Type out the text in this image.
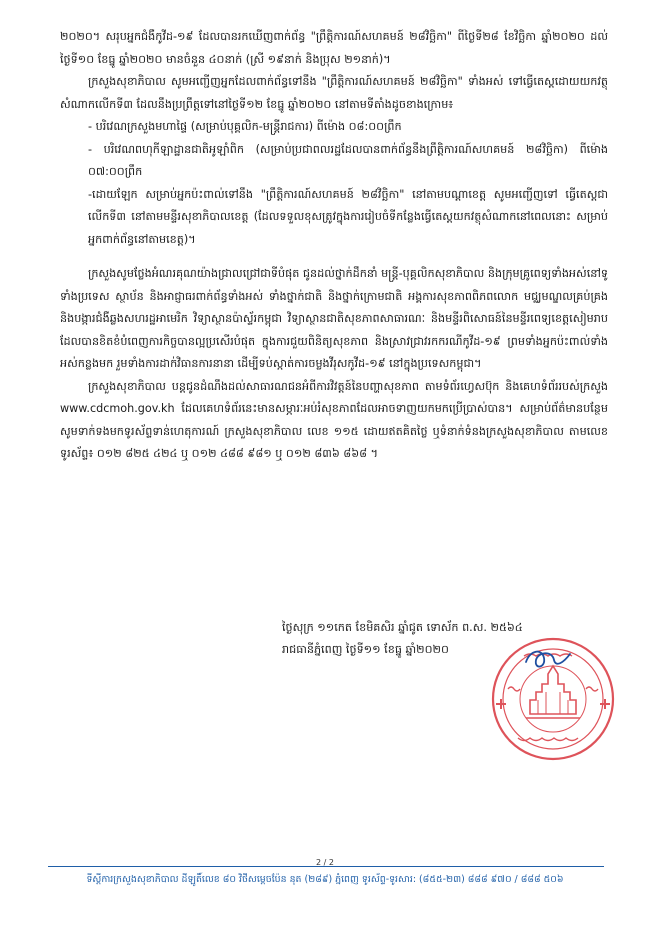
២០២០។ សរុបអ្នកជំងឺកូវីដ-១៩ ដែលបានរកឃើញពាក់ព័ន្ធ "ព្រឹត្តិការណ៍សហគមន៍ ២៨វិច្ឆិកា" ពីថ្ងៃទី២៨ ខែវិច្ឆិកា ឆ្នាំ២០២០ ដល់ថ្ងៃទី១០ ខែធ្នូ ឆ្នាំ២០២០ មានចំនួន ៤០នាក់ (ស្រី ១៩នាក់ និងប្រុស ២១នាក់)។

ក្រសួងសុខាភិបាល សូមអញ្ជើញអ្នកដែលពាក់ព័ន្ធទៅនឹង "ព្រឹត្តិការណ៍សហគមន៍ ២៨វិច្ឆិកា" ទាំងអស់ ទៅធ្វើតេស្តដោយយកវត្ថុសំណាកលើកទី៣ ដែលនឹងប្រព្រឹត្តទៅនៅថ្ងៃទី១២ ខែធ្នូ ឆ្នាំ២០២០ នៅតាមទីតាំងដូចខាងក្រោម៖

- បរិវេណក្រសួងមហាផ្ទៃ (សម្រាប់បុគ្គលិក-មន្ត្រីរាជការ) ពីម៉ោង ០៨:០០ព្រឹក

- បរិវេណពហុកីឡាដ្ឋានជាតិអូឡាំពិក (សម្រាប់ប្រជាពលរដ្ឋដែលបានពាក់ព័ន្ធនឹងព្រឹត្តិការណ៍សហគមន៍ ២៨វិច្ឆិកា) ពីម៉ោង ០៧:០០ព្រឹក

-ដោយឡែក សម្រាប់អ្នកប៉ះពាល់ទៅនឹង "ព្រឹត្តិការណ៍សហគមន៍ ២៨វិច្ឆិកា" នៅតាមបណ្តាខេត្ត សូមអញ្ជើញទៅ ធ្វើតេស្តជាលើកទី៣ នៅតាមមន្ទីរសុខាភិបាលខេត្ត (ដែលទទួលខុសត្រូវក្នុងការរៀបចំទីកន្លែងធ្វើតេស្តយកវត្ថុសំណាកនៅពេលនោះ សម្រាប់អ្នកពាក់ព័ន្ធនៅតាមខេត្ត)។

ក្រសួងសូមថ្លែងអំណរគុណយ៉ាងជ្រាលជ្រៅជាទីបំផុត ជូនដល់ថ្នាក់ដឹកនាំ មន្ត្រី-បុគ្គលិកសុខាភិបាល និងក្រុមគ្រូពេទ្យទាំងអស់នៅទូទាំងប្រទេស ស្ថាប័ន និងអាជ្ញាធរពាក់ព័ន្ធទាំងអស់ ទាំងថ្នាក់ជាតិ និងថ្នាក់ក្រោមជាតិ អង្គការសុខភាពពិភពលោក មជ្ឈមណ្ឌលគ្រប់គ្រង និងបង្ការជំងឺឆ្លងសហរដ្ឋអាមេរិក វិទ្យាស្ថានប៉ាស្ទ័រកម្ពុជា វិទ្យាស្ថានជាតិសុខភាពសាធារណៈ និងមន្ទីរពិសោធន៍នៃមន្ទីរពេទ្យខេត្តសៀមរាប ដែលបានខិតខំបំពេញការកិច្ចបានល្អប្រសើរបំផុត ក្នុងការជួយពិនិត្យសុខភាព និងស្រាវជ្រាវរកករណីកូវីដ-១៩ ព្រមទាំងអ្នកប៉ះពាល់ទាំងអស់កន្លងមក រួមទាំងការដាក់វិធានការនានា ដើម្បីទប់ស្កាត់ការចម្លងវីរុសកូវីដ-១៩ នៅក្នុងប្រទេសកម្ពុជា។

ក្រសួងសុខាភិបាល បន្តជូនដំណឹងដល់សាធារណជនអំពីការវិវត្តន៍នៃបញ្ហាសុខភាព តាមទំព័រហ្វេសប៊ុក និងគេហទំព័ររបស់ក្រសួង www.cdcmoh.gov.kh ដែលគេហទំព័រនេះមានសម្ភារៈអប់រំសុខភាពដែលអាចទាញយកមកប្រើប្រាស់បាន។ សម្រាប់ព័ត៌មានបន្ថែម សូមទាក់ទងមកទូរស័ព្ទទាន់ហេតុការណ៍ ក្រសួងសុខាភិបាល លេខ ១១៥ ដោយឥតគិតថ្លៃ ឬទំនាក់ទំនងក្រសួងសុខាភិបាល តាមលេខទូរស័ព្ទ៖ ០១២ ៨២៥ ៤២៤ ឬ ០១២ ៤៨៨ ៩៨១ ឬ ០១២ ៨៣៦ ៨៦៨ ។

ថ្ងៃសុក្រ ១១កេត ខែមិគសិរ ឆ្នាំជូត ទោស័ក ព.ស. ២៥៦៤

រាជធានីភ្នំពេញ ថ្ងៃទី១១ ខែធ្នូ ឆ្នាំ២០២០

2 / 2
ទីស្តីការក្រសួងសុខាភិបាល ដីឡូតិ៍លេខ ៨០ វិថីសម្តេចប៉ែន នុត (២៨៩) ភ្នំពេញ ទូរស័ព្ទ-ទូរសារ: (៨៥៥-២៣) ៨៨៨ ៩៧០ / ៨៨៨ ៥០៦
